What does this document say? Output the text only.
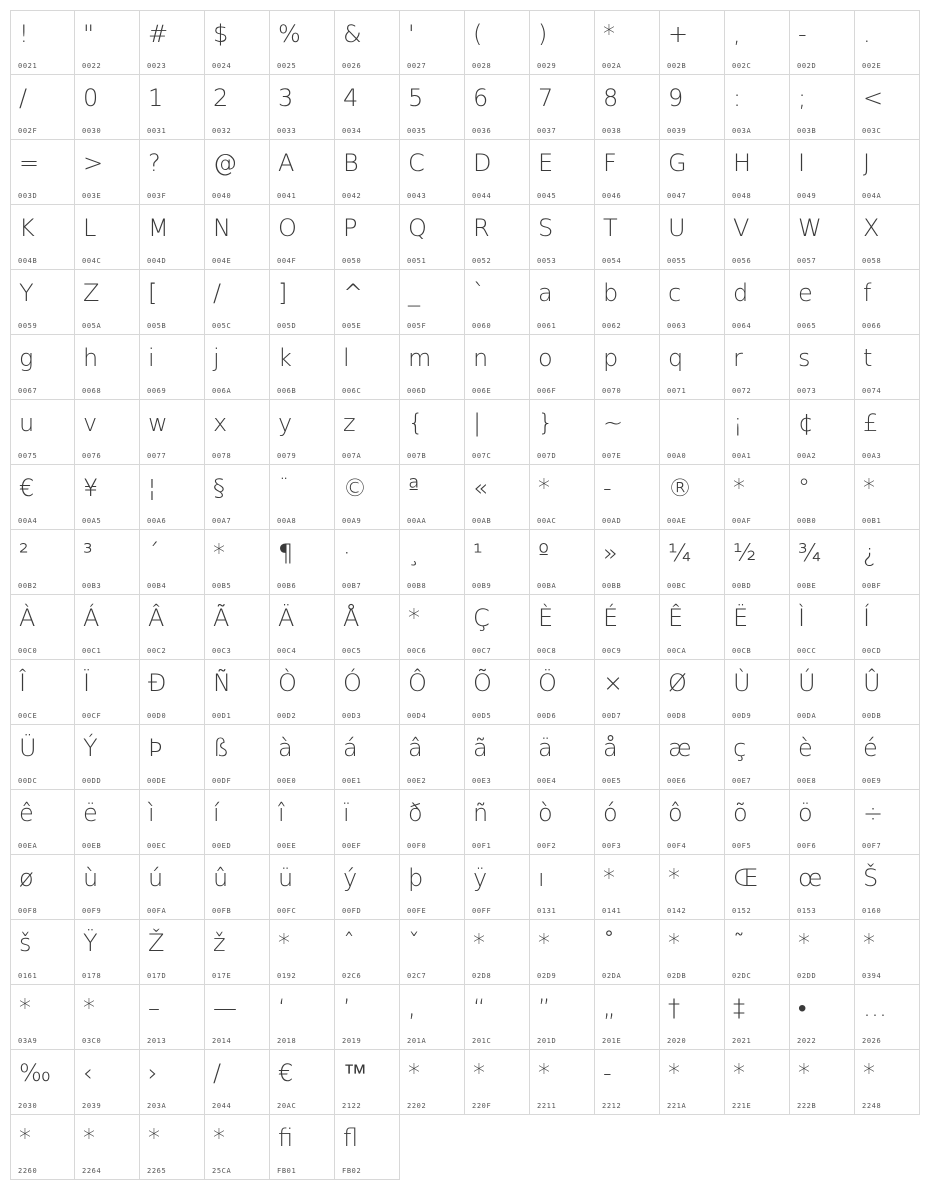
!
0021
"
0022
#
0023
$
0024
%
0025
&
0026
'
0027
(
0028
)
0029
*
002A
+
002B
,
002C
-
002D
.
002E
/
002F
0
0030
1
0031
2
0032
3
0033
4
0034
5
0035
6
0036
7
0037
8
0038
9
0039
:
003A
;
003B
<
003C
=
003D
>
003E
?
003F
@
0040
A
0041
B
0042
C
0043
D
0044
E
0045
F
0046
G
0047
H
0048
I
0049
J
004A
K
004B
L
004C
M
004D
N
004E
O
004F
P
0050
Q
0051
R
0052
S
0053
T
0054
U
0055
V
0056
W
0057
X
0058
Y
0059
Z
005A
[
005B
/
005C
]
005D
^
005E
_
005F
`
0060
a
0061
b
0062
c
0063
d
0064
e
0065
f
0066
g
0067
h
0068
i
0069
j
006A
k
006B
l
006C
m
006D
n
006E
o
006F
p
0070
q
0071
r
0072
s
0073
t
0074
u
0075
v
0076
w
0077
x
0078
y
0079
z
007A
{
007B
|
007C
}
007D
~
007E	00A0
¡
00A1
¢
00A2
£
00A3
€
00A4
¥
00A5
¦
00A6
§
00A7
¨
00A8
©
00A9
ª
00AA
«
00AB
*
00AC
-
00AD
®
00AE
*
00AF
°
00B0
*
00B1
²
00B2
³
00B3
´
00B4
*
00B5
¶
00B6
·
00B7
¸
00B8
¹
00B9
º
00BA
»
00BB
¼
00BC
½
00BD
¾
00BE
¿
00BF
À
00C0
Á
00C1
Â
00C2
Ã
00C3
Ä
00C4
Å
00C5
*
00C6
Ç
00C7
È
00C8
É
00C9
Ê
00CA
Ë
00CB
Ì
00CC
Í
00CD
Î
00CE
Ï
00CF
Đ
00D0
Ñ
00D1
Ò
00D2
Ó
00D3
Ô
00D4
Õ
00D5
Ö
00D6
×
00D7
Ø
00D8
Ù
00D9
Ú
00DA
Û
00DB
Ü
00DC
Ý
00DD
Þ
00DE
ß
00DF
à
00E0
á
00E1
â
00E2
ã
00E3
ä
00E4
å
00E5
æ
00E6
ç
00E7
è
00E8
é
00E9
ê
00EA
ë
00EB
ì
00EC
í
00ED
î
00EE
ï
00EF
ð
00F0
ñ
00F1
ò
00F2
ó
00F3
ô
00F4
õ
00F5
ö
00F6
÷
00F7
ø
00F8
ù
00F9
ú
00FA
û
00FB
ü
00FC
ý
00FD
þ
00FE
ÿ
00FF
ı
0131
*
0141
*
0142
Œ
0152
œ
0153
Š
0160
š
0161
Ÿ
0178
Ž
017D
ž
017E
*
0192
ˆ
02C6
ˇ
02C7
*
02D8
*
02D9
˚
02DA
*
02DB
˜
02DC
*
02DD
*
0394
*
03A9
*
03C0
–
2013
—
2014
‘
2018
’
2019
‚
201A
“
201C
”
201D
„
201E
†
2020
‡
2021
•
2022
…
2026
‰
2030
‹
2039
›
203A
/
2044
€
20AC
™
2122
*
2202
*
220F
*
2211
-
2212
*
221A
*
221E
*
222B
*
2248
*
2260
*
2264
*
2265
*
25CA
fi
FB01
fl
FB02
